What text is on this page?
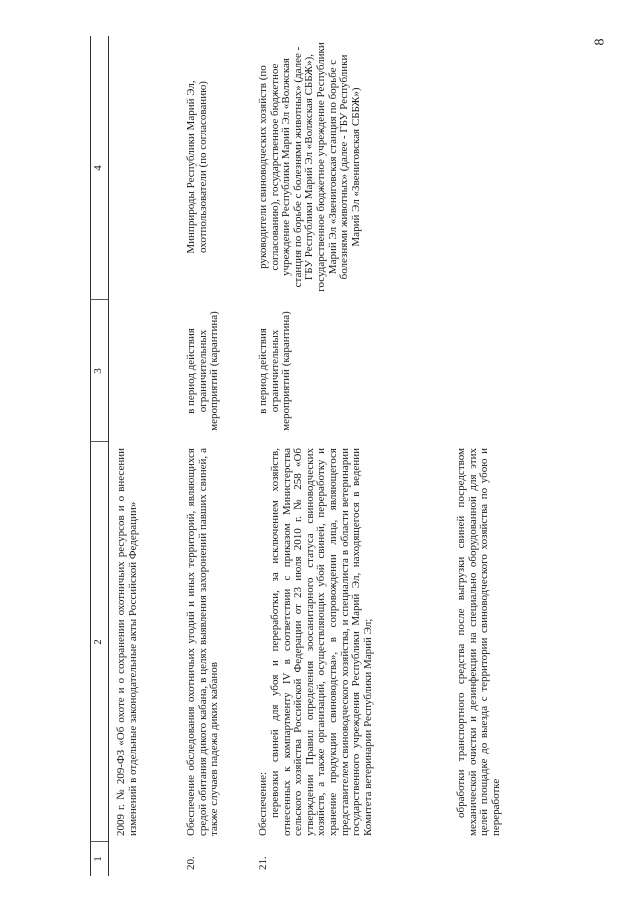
8
1
2
3
4
2009 г. № 209-ФЗ «Об охоте и о сохранении охотничьих ресурсов и о внесении изменений в отдельные законодательные акты Российской Федерации»
20.
Обеспечение обследования охотничьих угодий и иных территорий, являющихся средой обитания дикого кабана, в целях выявления захоронений павших свиней, а также случаев падежа диких кабанов
в период действия ограничительных мероприятий (карантина)
Минприроды Республики Марий Эл, охотпользователи (по согласованию)
21.
Обеспечение: перевозки свиней для убоя и переработки, за исключением хозяйств, отнесенных к компартменту IV в соответствии с приказом Министерства сельского хозяйства Российской Федерации от 23 июля 2010 г. № 258 «Об утверждении Правил определения зоосанитарного статуса свиноводческих хозяйств, а также организаций, осуществляющих убой свиней, переработку и хранение продукции свиноводства», в сопровождении лица, являющегося представителем свиноводческого хозяйства, и специалиста в области ветеринарии государственного учреждения Республики Марий Эл, находящегося в ведении Комитета ветеринарии Республики Марий Эл;	обработки транспортного средства после выгрузки свиней посредством механической очистки и дезинфекции на специально оборудованной для этих целей площадке до выезда с территории свиноводческого хозяйства по убою и переработке
в период действия ограничительных мероприятий (карантина)
руководители свиноводческих хозяйств (по согласованию), государственное бюджетное учреждение Республики Марий Эл «Волжская станция по борьбе с болезнями животных» (далее - ГБУ Республики Марий Эл «Волжская СББЖ»), государственное бюджетное учреждение Республики Марий Эл «Звениговская станция по борьбе с болезнями животных» (далее - ГБУ Республики Марий Эл «Звениговская СББЖ»)
